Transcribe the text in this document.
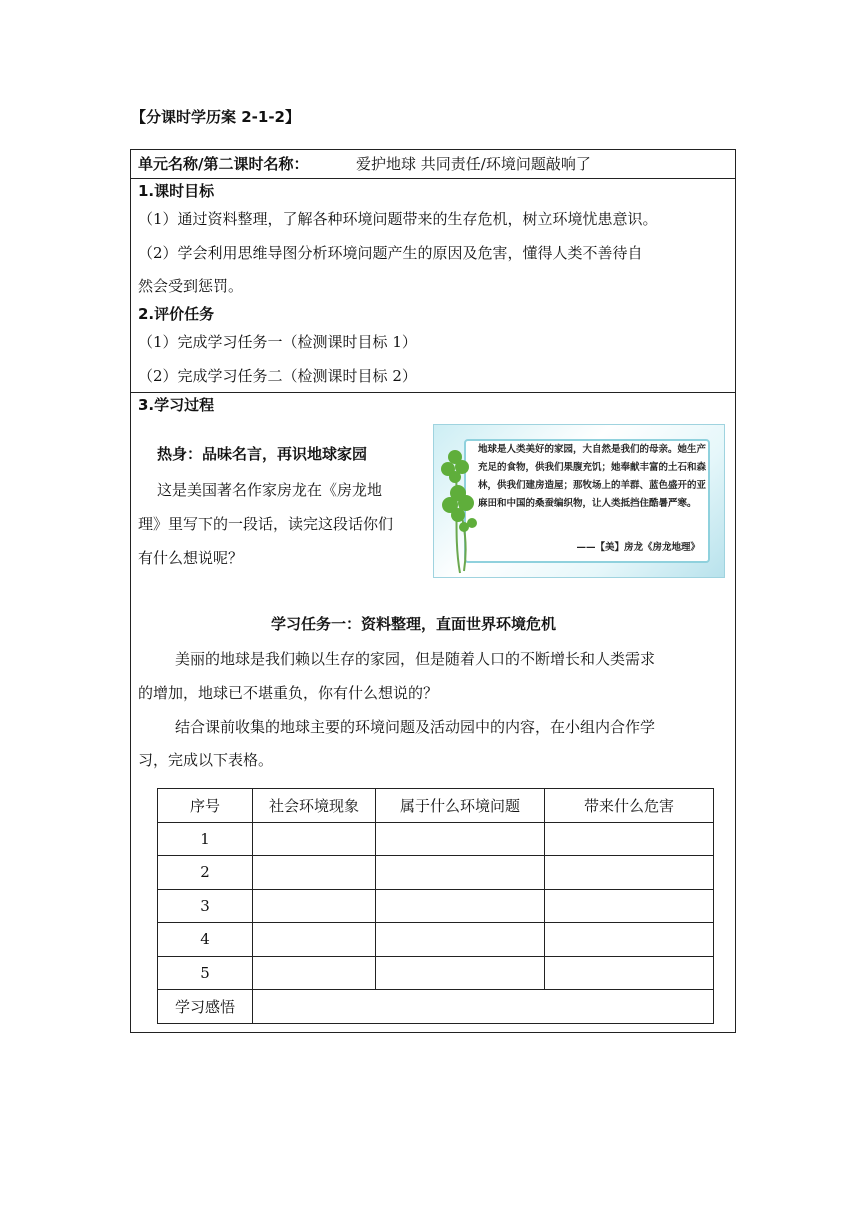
【分课时学历案 2-1-2】
单元名称/第二课时名称：	爱护地球 共同责任/环境问题敲响了
1.课时目标
（1）通过资料整理，了解各种环境问题带来的生存危机，树立环境忧患意识。
（2）学会利用思维导图分析环境问题产生的原因及危害，懂得人类不善待自
然会受到惩罚。
2.评价任务
（1）完成学习任务一（检测课时目标 1）
（2）完成学习任务二（检测课时目标 2）
3.学习过程
热身：品味名言，再识地球家园
这是美国著名作家房龙在《房龙地
理》里写下的一段话，读完这段话你们
有什么想说呢？
地球是人类美好的家园，大自然是我们的母亲。她生产充足的食物，供我们果腹充饥；她奉献丰富的土石和森林，供我们建房造屋；那牧场上的羊群、蓝色盛开的亚麻田和中国的桑蚕编织物，让人类抵挡住酷暑严寒。
——【美】房龙《房龙地理》
学习任务一：资料整理，直面世界环境危机
美丽的地球是我们赖以生存的家园，但是随着人口的不断增长和人类需求
的增加，地球已不堪重负，你有什么想说的？
结合课前收集的地球主要的环境问题及活动园中的内容，在小组内合作学
习，完成以下表格。
序号	社会环境现象	属于什么环境问题	带来什么危害
1			
2			
3			
4			
5			
学习感悟			
